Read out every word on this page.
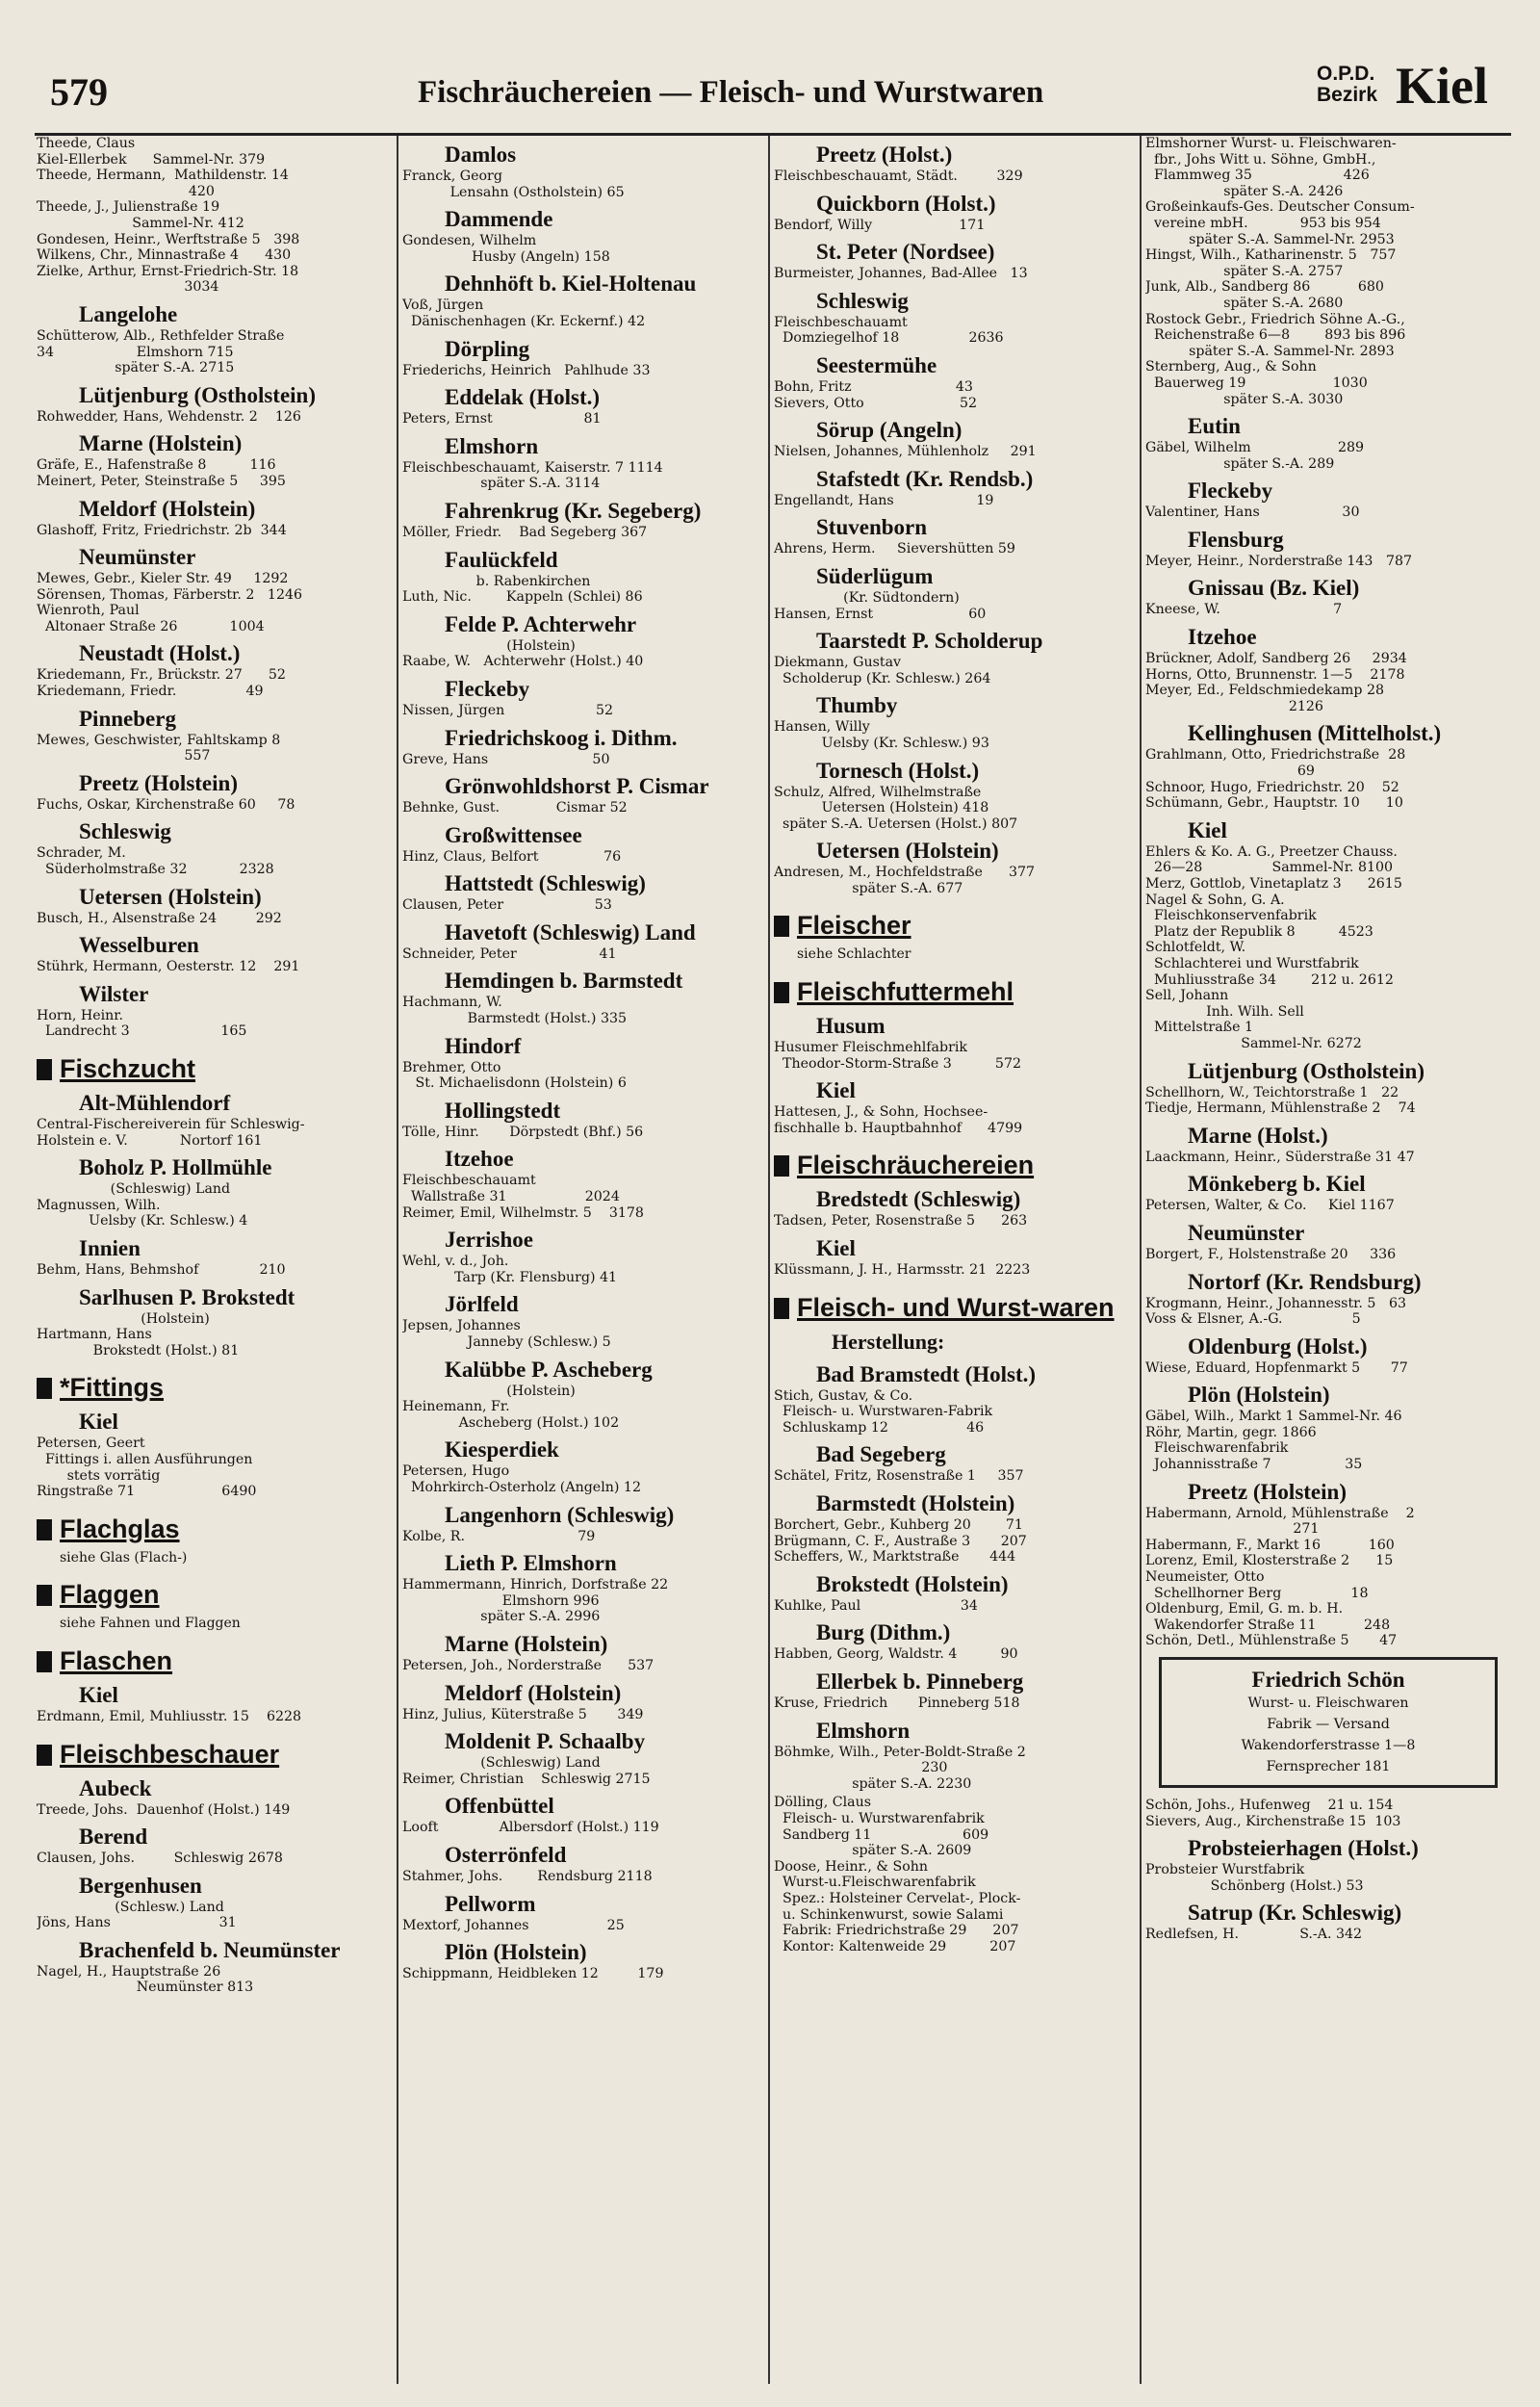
579	Fischräuchereien — Fleisch- und Wurstwaren
O.P.D.
Bezirk Kiel
Theede, Claus
Kiel-Ellerbek      Sammel-Nr. 379
Theede, Hermann,  Mathildenstr. 14
420
Theede, J., Julienstraße 19
Sammel-Nr. 412
Gondesen, Heinr., Werftstraße 5   398
Wilkens, Chr., Minnastraße 4      430
Zielke, Arthur, Ernst-Friedrich-Str. 18
3034
Langelohe
Schütterow, Alb., Rethfelder Straße
34                   Elmshorn 715
später S.-A. 2715
Lütjenburg (Ostholstein)
Rohwedder, Hans, Wehdenstr. 2    126
Marne (Holstein)
Gräfe, E., Hafenstraße 8          116
Meinert, Peter, Steinstraße 5     395
Meldorf (Holstein)
Glashoff, Fritz, Friedrichstr. 2b  344
Neumünster
Mewes, Gebr., Kieler Str. 49     1292
Sörensen, Thomas, Färberstr. 2   1246
Wienroth, Paul
Altonaer Straße 26            1004
Neustadt (Holst.)
Kriedemann, Fr., Brückstr. 27      52
Kriedemann, Friedr.                49
Pinneberg
Mewes, Geschwister, Fahltskamp 8
557
Preetz (Holstein)
Fuchs, Oskar, Kirchenstraße 60     78
Schleswig
Schrader, M.
Süderholmstraße 32            2328
Uetersen (Holstein)
Busch, H., Alsenstraße 24         292
Wesselburen
Stührk, Hermann, Oesterstr. 12    291
Wilster
Horn, Heinr.
Landrecht 3                     165
Fischzucht
Alt-Mühlendorf
Central-Fischereiverein für Schleswig-
Holstein e. V.            Nortorf 161
Boholz P. Hollmühle
(Schleswig) Land
Magnussen, Wilh.
Uelsby (Kr. Schlesw.) 4
Innien
Behm, Hans, Behmshof              210
Sarlhusen P. Brokstedt
(Holstein)
Hartmann, Hans
Brokstedt (Holst.) 81
*Fittings
Kiel
Petersen, Geert
Fittings i. allen Ausführungen
stets vorrätig
Ringstraße 71                    6490
Flachglas
siehe Glas (Flach-)
Flaggen
siehe Fahnen und Flaggen
Flaschen
Kiel
Erdmann, Emil, Muhliusstr. 15    6228
Fleischbeschauer
Aubeck
Treede, Johs.  Dauenhof (Holst.) 149
Berend
Clausen, Johs.         Schleswig 2678
Bergenhusen
(Schlesw.) Land
Jöns, Hans                         31
Brachenfeld b. Neumünster
Nagel, H., Hauptstraße 26
Neumünster 813
Damlos
Franck, Georg
Lensahn (Ostholstein) 65
Dammende
Gondesen, Wilhelm
Husby (Angeln) 158
Dehnhöft b. Kiel-Holtenau
Voß, Jürgen
Dänischenhagen (Kr. Eckernf.) 42
Dörpling
Friederichs, Heinrich   Pahlhude 33
Eddelak (Holst.)
Peters, Ernst                     81
Elmshorn
Fleischbeschauamt, Kaiserstr. 7 1114
später S.-A. 3114
Fahrenkrug (Kr. Segeberg)
Möller, Friedr.    Bad Segeberg 367
Faulückfeld
b. Rabenkirchen
Luth, Nic.        Kappeln (Schlei) 86
Felde P. Achterwehr
(Holstein)
Raabe, W.   Achterwehr (Holst.) 40
Fleckeby
Nissen, Jürgen                     52
Friedrichskoog i. Dithm.
Greve, Hans                        50
Grönwohldshorst P. Cismar
Behnke, Gust.             Cismar 52
Großwittensee
Hinz, Claus, Belfort               76
Hattstedt (Schleswig)
Clausen, Peter                     53
Havetoft (Schleswig) Land
Schneider, Peter                   41
Hemdingen b. Barmstedt
Hachmann, W.
Barmstedt (Holst.) 335
Hindorf
Brehmer, Otto
St. Michaelisdonn (Holstein) 6
Hollingstedt
Tölle, Hinr.       Dörpstedt (Bhf.) 56
Itzehoe
Fleischbeschauamt
Wallstraße 31                  2024
Reimer, Emil, Wilhelmstr. 5    3178
Jerrishoe
Wehl, v. d., Joh.
Tarp (Kr. Flensburg) 41
Jörlfeld
Jepsen, Johannes
Janneby (Schlesw.) 5
Kalübbe P. Ascheberg
(Holstein)
Heinemann, Fr.
Ascheberg (Holst.) 102
Kiesperdiek
Petersen, Hugo
Mohrkirch-Osterholz (Angeln) 12
Langenhorn (Schleswig)
Kolbe, R.                          79
Lieth P. Elmshorn
Hammermann, Hinrich, Dorfstraße 22
Elmshorn 996
später S.-A. 2996
Marne (Holstein)
Petersen, Joh., Norderstraße      537
Meldorf (Holstein)
Hinz, Julius, Küterstraße 5       349
Moldenit P. Schaalby
(Schleswig) Land
Reimer, Christian    Schleswig 2715
Offenbüttel
Looft              Albersdorf (Holst.) 119
Osterrönfeld
Stahmer, Johs.        Rendsburg 2118
Pellworm
Mextorf, Johannes                  25
Plön (Holstein)
Schippmann, Heidbleken 12         179
Preetz (Holst.)
Fleischbeschauamt, Städt.         329
Quickborn (Holst.)
Bendorf, Willy                    171
St. Peter (Nordsee)
Burmeister, Johannes, Bad-Allee   13
Schleswig
Fleischbeschauamt
Domziegelhof 18                2636
Seestermühe
Bohn, Fritz                        43
Sievers, Otto                      52
Sörup (Angeln)
Nielsen, Johannes, Mühlenholz     291
Stafstedt (Kr. Rendsb.)
Engellandt, Hans                   19
Stuvenborn
Ahrens, Herm.     Sievershütten 59
Süderlügum
(Kr. Südtondern)
Hansen, Ernst                      60
Taarstedt P. Scholderup
Diekmann, Gustav
Scholderup (Kr. Schlesw.) 264
Thumby
Hansen, Willy
Uelsby (Kr. Schlesw.) 93
Tornesch (Holst.)
Schulz, Alfred, Wilhelmstraße
Uetersen (Holstein) 418
später S.-A. Uetersen (Holst.) 807
Uetersen (Holstein)
Andresen, M., Hochfeldstraße      377
später S.-A. 677
Fleischer
siehe Schlachter
Fleischfuttermehl
Husum
Husumer Fleischmehlfabrik
Theodor-Storm-Straße 3          572
Kiel
Hattesen, J., & Sohn, Hochsee-
fischhalle b. Hauptbahnhof      4799
Fleischräuchereien
Bredstedt (Schleswig)
Tadsen, Peter, Rosenstraße 5      263
Kiel
Klüssmann, J. H., Harmsstr. 21  2223
Fleisch- und Wurst-waren
Herstellung:
Bad Bramstedt (Holst.)
Stich, Gustav, & Co.
Fleisch- u. Wurstwaren-Fabrik
Schluskamp 12                  46
Bad Segeberg
Schätel, Fritz, Rosenstraße 1     357
Barmstedt (Holstein)
Borchert, Gebr., Kuhberg 20        71
Brügmann, C. F., Austraße 3       207
Scheffers, W., Marktstraße       444
Brokstedt (Holstein)
Kuhlke, Paul                       34
Burg (Dithm.)
Habben, Georg, Waldstr. 4          90
Ellerbek b. Pinneberg
Kruse, Friedrich       Pinneberg 518
Elmshorn
Böhmke, Wilh., Peter-Boldt-Straße 2
230
später S.-A. 2230
Dölling, Claus
Fleisch- u. Wurstwarenfabrik
Sandberg 11                     609
später S.-A. 2609
Doose, Heinr., & Sohn
Wurst-u.Fleischwarenfabrik
Spez.: Holsteiner Cervelat-, Plock-
u. Schinkenwurst, sowie Salami
Fabrik: Friedrichstraße 29      207
Kontor: Kaltenweide 29          207
Elmshorner Wurst- u. Fleischwaren-
fbr., Johs Witt u. Söhne, GmbH.,
Flammweg 35                     426
später S.-A. 2426
Großeinkaufs-Ges. Deutscher Consum-
vereine mbH.            953 bis 954
später S.-A. Sammel-Nr. 2953
Hingst, Wilh., Katharinenstr. 5   757
später S.-A. 2757
Junk, Alb., Sandberg 86           680
später S.-A. 2680
Rostock Gebr., Friedrich Söhne A.-G.,
Reichenstraße 6—8        893 bis 896
später S.-A. Sammel-Nr. 2893
Sternberg, Aug., & Sohn
Bauerweg 19                    1030
später S.-A. 3030
Eutin
Gäbel, Wilhelm                    289
später S.-A. 289
Fleckeby
Valentiner, Hans                   30
Flensburg
Meyer, Heinr., Norderstraße 143   787
Gnissau (Bz. Kiel)
Kneese, W.                          7
Itzehoe
Brückner, Adolf, Sandberg 26     2934
Horns, Otto, Brunnenstr. 1—5    2178
Meyer, Ed., Feldschmiedekamp 28
2126
Kellinghusen (Mittelholst.)
Grahlmann, Otto, Friedrichstraße  28
69
Schnoor, Hugo, Friedrichstr. 20    52
Schümann, Gebr., Hauptstr. 10      10
Kiel
Ehlers & Ko. A. G., Preetzer Chauss.
26—28                Sammel-Nr. 8100
Merz, Gottlob, Vinetaplatz 3      2615
Nagel & Sohn, G. A.
Fleischkonservenfabrik
Platz der Republik 8          4523
Schlotfeldt, W.
Schlachterei und Wurstfabrik
Muhliusstraße 34        212 u. 2612
Sell, Johann
Inh. Wilh. Sell
Mittelstraße 1
Sammel-Nr. 6272
Lütjenburg (Ostholstein)
Schellhorn, W., Teichtorstraße 1   22
Tiedje, Hermann, Mühlenstraße 2    74
Marne (Holst.)
Laackmann, Heinr., Süderstraße 31 47
Mönkeberg b. Kiel
Petersen, Walter, & Co.     Kiel 1167
Neumünster
Borgert, F., Holstenstraße 20     336
Nortorf (Kr. Rendsburg)
Krogmann, Heinr., Johannesstr. 5   63
Voss & Elsner, A.-G.                5
Oldenburg (Holst.)
Wiese, Eduard, Hopfenmarkt 5       77
Plön (Holstein)
Gäbel, Wilh., Markt 1 Sammel-Nr. 46
Röhr, Martin, gegr. 1866
Fleischwarenfabrik
Johannisstraße 7                 35
Preetz (Holstein)
Habermann, Arnold, Mühlenstraße    2
271
Habermann, F., Markt 16           160
Lorenz, Emil, Klosterstraße 2      15
Neumeister, Otto
Schellhorner Berg                18
Oldenburg, Emil, G. m. b. H.
Wakendorfer Straße 11           248
Schön, Detl., Mühlenstraße 5       47
Friedrich Schön
Wurst- u. Fleischwaren
Fabrik — Versand
Wakendorferstrasse 1—8
Fernsprecher 181
Schön, Johs., Hufenweg    21 u. 154
Sievers, Aug., Kirchenstraße 15  103
Probsteierhagen (Holst.)
Probsteier Wurstfabrik
Schönberg (Holst.) 53
Satrup (Kr. Schleswig)
Redlefsen, H.              S.-A. 342
